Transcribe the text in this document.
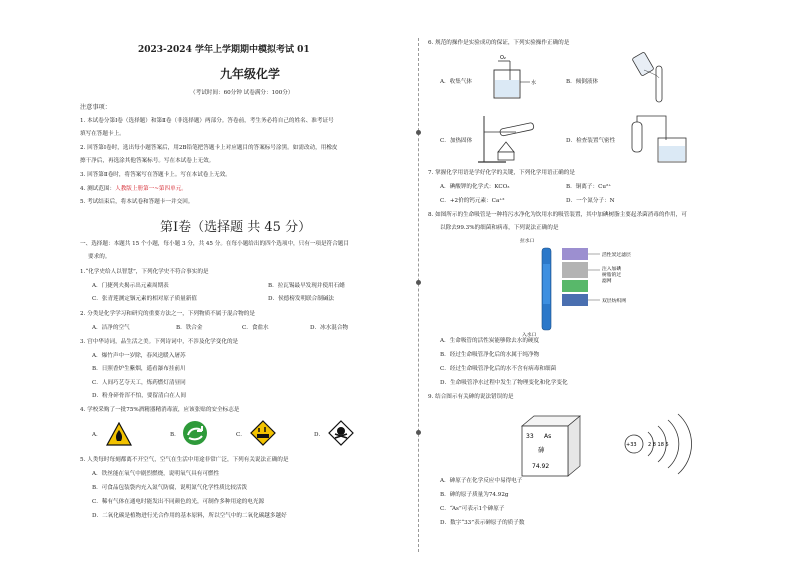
2023-2024 学年上学期期中模拟考试 01
九年级化学
（考试时间：60分钟 试卷满分：100分）
注意事项：
1. 本试卷分第Ⅰ卷（选择题）和第Ⅱ卷（非选择题）两部分。答卷前，考生务必将自己的姓名、准考证号
填写在答题卡上。
2. 回答第Ⅰ卷时，选出每小题答案后，用2B铅笔把答题卡上对应题目的答案标号涂黑。如需改动，用橡皮
擦干净后，再选涂其他答案标号。写在本试卷上无效。
3. 回答第Ⅱ卷时，将答案写在答题卡上。写在本试卷上无效。
4. 测试范围：人教版上册第一~第四单元。
5. 考试结束后，将本试卷和答题卡一并交回。
第Ⅰ卷（选择题 共 45 分）
一、选择题：本题共 15 个小题，每小题 3 分，共 45 分。在每小题给出的四个选项中，只有一项是符合题目
要求的。
1.“化学史给人以智慧”，下列化学史不符合事实的是
A．门捷列夫揭示出元素周期表	B．拉瓦锡最早发现并使用石蜡
C．张青莲测定铟元素的相对原子质量新值	D．侯德榜发明联合制碱法
2. 分类是化学学习和研究的重要方法之一，下列物质不属于混合物的是
A．洁净的空气	B．铁合金	C．食盐水	D．冰水混合物
3. 宫中华诗词，品生活之美。下列诗词中，不涉及化学变化的是
A．爆竹声中一岁除，春风送暖入屠苏
B．日照香炉生紫烟，遥看瀑布挂前川
C．人间巧艺夺天工，炼药燃灯清昼同
D．粉身碎骨浑不怕，要留清白在人间
4. 学校采购了一批75%酒精器精消毒液，应该张贴的安全标志是
A．	B．	C．	D．
5. 人类每时每刻都离不开空气，空气在生活中用途非常广泛，下列有关说法正确的是
A．铁丝能在氧气中剧烈燃烧，说明氧气具有可燃性
B．可食品包装袋内充入氮气防腐，说明氮气化学性质比较活泼
C．稀有气体在通电时能发出不同颜色的光，可制作多种用途的电光源
D．二氧化碳是植物进行光合作用的基本原料，所以空气中的二氧化碳越多越好
6. 规范的操作是实验成功的保证，下列实验操作正确的是
O₂
水
A．收集气体	B．倾倒液体
C．加热固体	D．检查装置气密性
7. 掌握化学用语是学好化学的关键，下列化学用语正确的是
A．碘酸钾的化学式：KCO₃	B．铜离子：Cu²⁺
C．+2价的钙元素：Ca⁺²	D．一个氮分子：N
8. 如图所示的生命吸管是一种将污水净化为饮用水的吸管装置，其中加碘树脂主要起杀菌消毒的作用，可
以除去99.3%的细菌和病毒，下列说法正确的是
拉水口
活性炭过滤层
注入加碘
树脂的过
滤网
双层纺织网
入水口
A．生命吸管的活性炭能够除去水的硬度
B．经过生命吸管净化后的水属于纯净物
C．经过生命吸管净化后的水不含有病毒和细菌
D．生命吸管净水过程中发生了物理变化和化学变化
9. 结合图示有关砷的说法错误的是
33 As
砷
74.92
+33 2 8 18 5
A．砷原子在化学反应中易得电子
B．砷的原子质量为74.92g
C．“As”可表示1个砷原子
D．数字“33”表示砷原子的质子数
